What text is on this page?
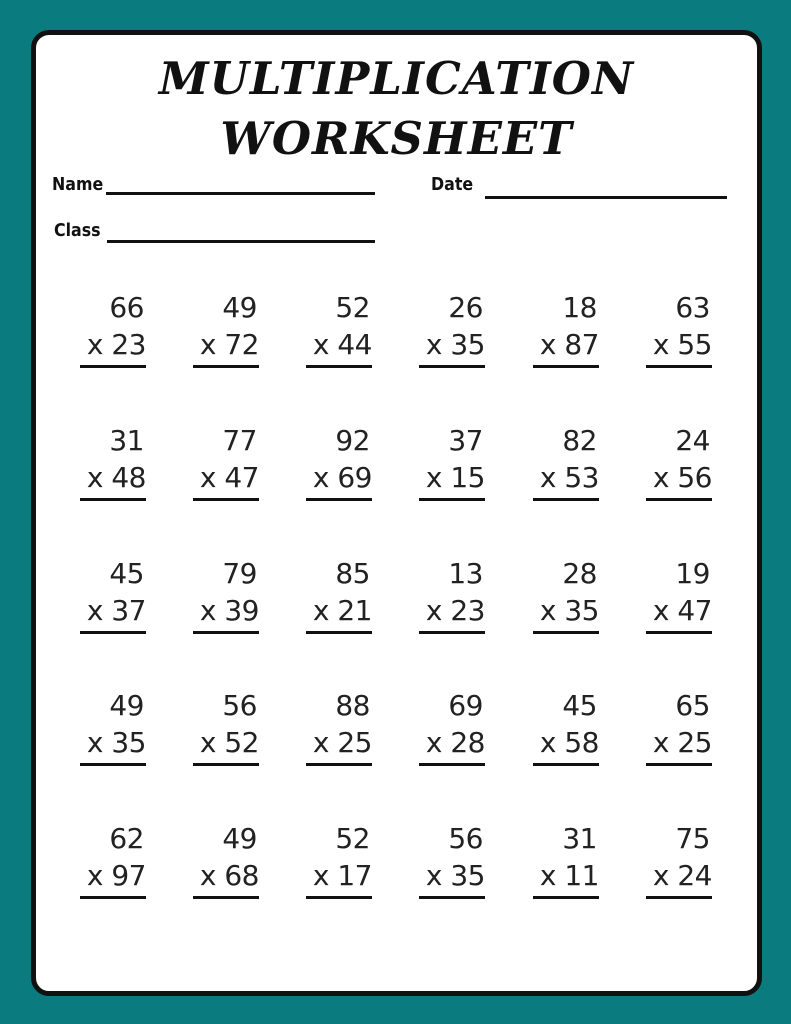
MULTIPLICATION
WORKSHEET
Name	Date
Class
66
x 23
49
x 72
52
x 44
26
x 35
18
x 87
63
x 55
31
x 48
77
x 47
92
x 69
37
x 15
82
x 53
24
x 56
45
x 37
79
x 39
85
x 21
13
x 23
28
x 35
19
x 47
49
x 35
56
x 52
88
x 25
69
x 28
45
x 58
65
x 25
62
x 97
49
x 68
52
x 17
56
x 35
31
x 11
75
x 24
